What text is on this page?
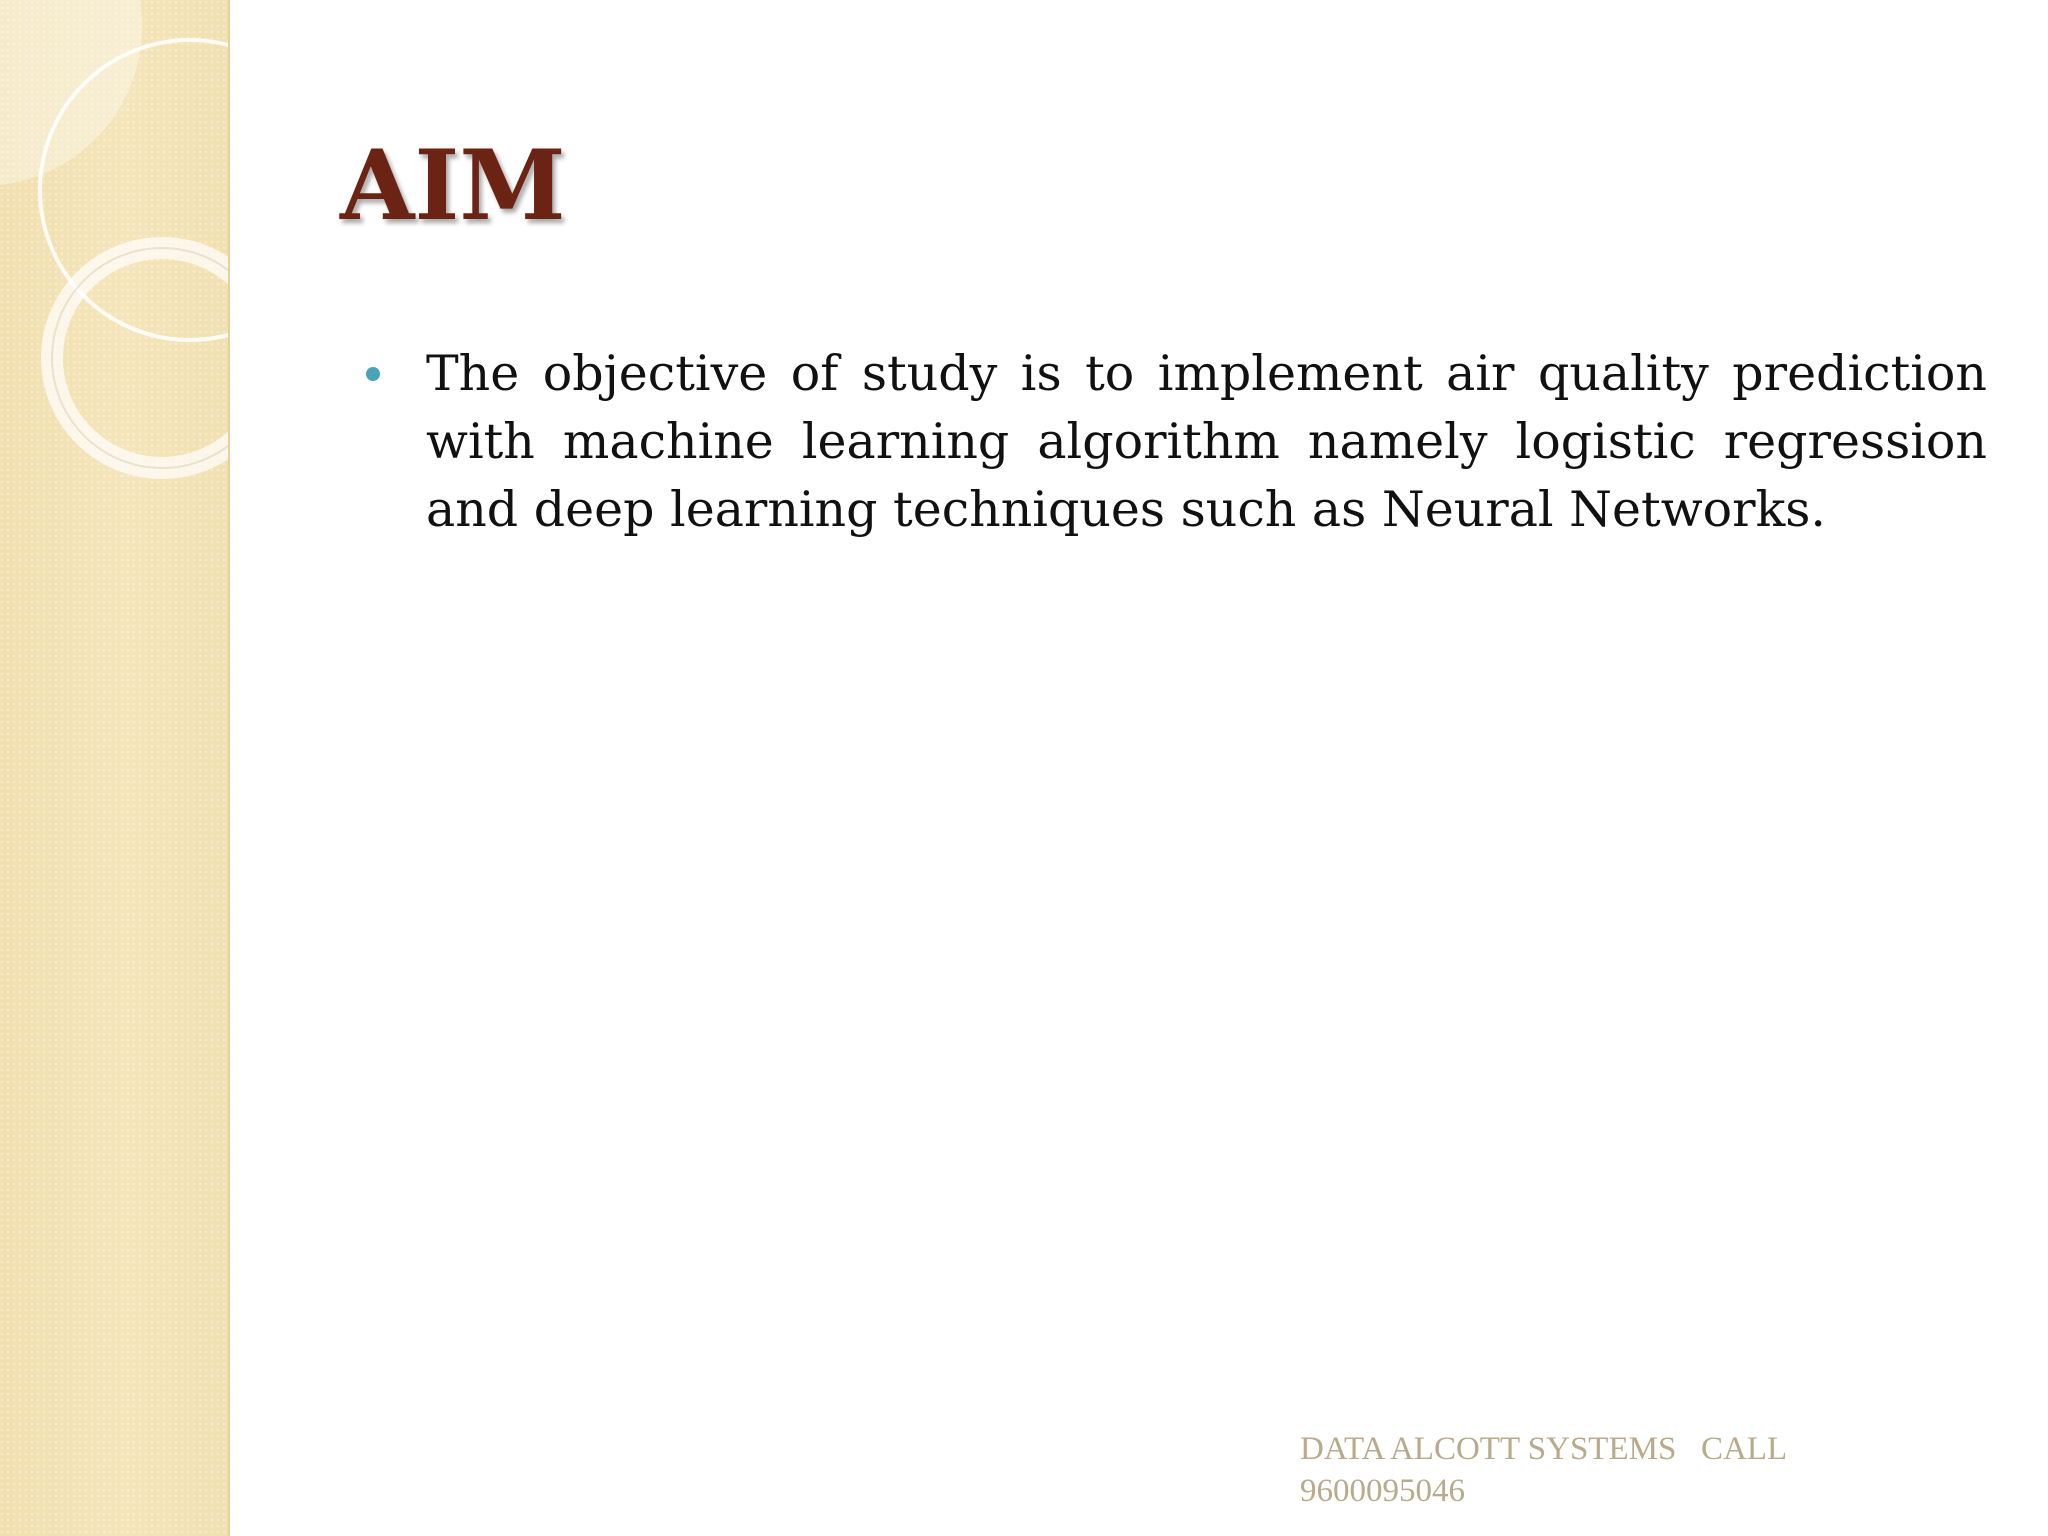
AIM
The objective of study is to implement air quality prediction with machine learning algorithm namely logistic regression and deep learning techniques such as Neural Networks.
DATA ALCOTT SYSTEMS   CALL 9600095046
